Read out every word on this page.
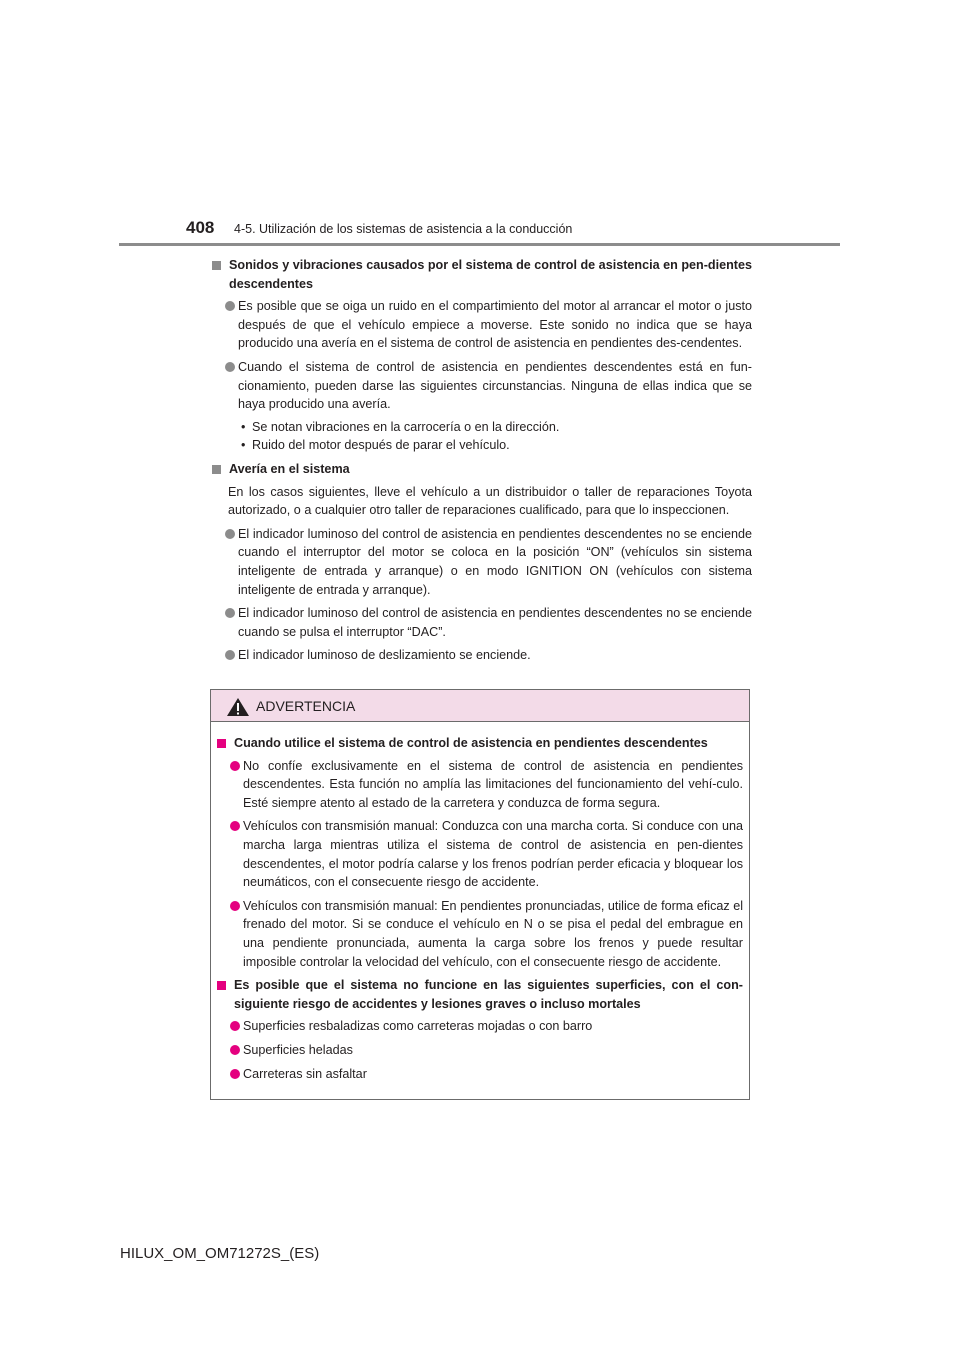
408 4-5. Utilización de los sistemas de asistencia a la conducción
Sonidos y vibraciones causados por el sistema de control de asistencia en pen-dientes descendentes
Es posible que se oiga un ruido en el compartimiento del motor al arrancar el motor o justo después de que el vehículo empiece a moverse. Este sonido no indica que se haya producido una avería en el sistema de control de asistencia en pendientes des-cendentes.
Cuando el sistema de control de asistencia en pendientes descendentes está en fun-cionamiento, pueden darse las siguientes circunstancias. Ninguna de ellas indica que se haya producido una avería.
• Se notan vibraciones en la carrocería o en la dirección.
• Ruido del motor después de parar el vehículo.
Avería en el sistema
En los casos siguientes, lleve el vehículo a un distribuidor o taller de reparaciones Toyota autorizado, o a cualquier otro taller de reparaciones cualificado, para que lo inspeccionen.
El indicador luminoso del control de asistencia en pendientes descendentes no se enciende cuando el interruptor del motor se coloca en la posición “ON” (vehículos sin sistema inteligente de entrada y arranque) o en modo IGNITION ON (vehículos con sistema inteligente de entrada y arranque).
El indicador luminoso del control de asistencia en pendientes descendentes no se enciende cuando se pulsa el interruptor “DAC”.
El indicador luminoso de deslizamiento se enciende.
ADVERTENCIA
Cuando utilice el sistema de control de asistencia en pendientes descendentes
No confíe exclusivamente en el sistema de control de asistencia en pendientes descendentes. Esta función no amplía las limitaciones del funcionamiento del vehí-culo. Esté siempre atento al estado de la carretera y conduzca de forma segura.
Vehículos con transmisión manual: Conduzca con una marcha corta. Si conduce con una marcha larga mientras utiliza el sistema de control de asistencia en pen-dientes descendentes, el motor podría calarse y los frenos podrían perder eficacia y bloquear los neumáticos, con el consecuente riesgo de accidente.
Vehículos con transmisión manual: En pendientes pronunciadas, utilice de forma eficaz el frenado del motor. Si se conduce el vehículo en N o se pisa el pedal del embrague en una pendiente pronunciada, aumenta la carga sobre los frenos y puede resultar imposible controlar la velocidad del vehículo, con el consecuente riesgo de accidente.
Es posible que el sistema no funcione en las siguientes superficies, con el con-siguiente riesgo de accidentes y lesiones graves o incluso mortales
Superficies resbaladizas como carreteras mojadas o con barro
Superficies heladas
Carreteras sin asfaltar
HILUX_OM_OM71272S_(ES)
